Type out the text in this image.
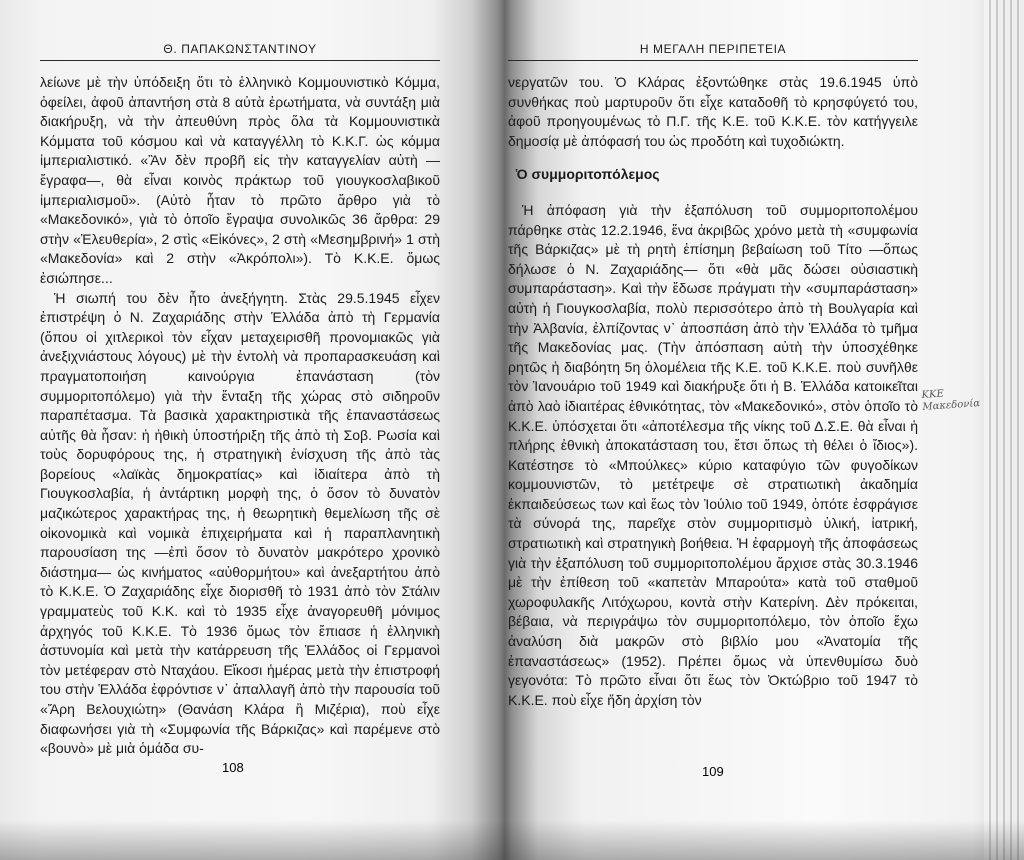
Θ. ΠΑΠΑΚΩΝΣΤΑΝΤΙΝΟΥ

λείωνε μὲ τὴν ὑπόδειξη ὅτι τὸ ἑλληνικὸ Κομμουνιστικὸ Κόμμα, ὀφείλει, ἀφοῦ ἀπαντήση στὰ 8 αὐτὰ ἐρωτήματα, νὰ συντάξη μιὰ διακήρυξη, νὰ τὴν ἀπευθύνη πρὸς ὅλα τὰ Κομμουνιστικὰ Κόμματα τοῦ κόσμου καὶ νὰ καταγγέλλη τὸ Κ.Κ.Γ. ὡς κόμμα ἰμπεριαλιστικό. «Ἂν δὲν προβῆ εἰς τὴν καταγγελίαν αὐτὴ —ἔγραφα—, θὰ εἶναι κοινὸς πράκτωρ τοῦ γιουγκοσλαβικοῦ ἰμπεριαλισμοῦ». (Αὐτὸ ἦταν τὸ πρῶτο ἄρθρο γιὰ τὸ «Μακεδονικό», γιὰ τὸ ὁποῖο ἔγραψα συνολικῶς 36 ἄρθρα: 29 στὴν «Ἐλευθερία», 2 στὶς «Εἰκόνες», 2 στὴ «Μεσημβρινή» 1 στὴ «Μακεδονία» καὶ 2 στὴν «Ἀκρόπολι»). Τὸ Κ.Κ.Ε. ὅμως ἐσιώπησε...

Ἡ σιωπή του δὲν ἦτο ἀνεξήγητη. Στὰς 29.5.1945 εἶχεν ἐπιστρέψη ὁ Ν. Ζαχαριάδης στὴν Ἑλλάδα ἀπὸ τὴ Γερμανία (ὅπου οἱ χιτλερικοὶ τὸν εἶχαν μεταχειρισθῆ προνομιακῶς γιὰ ἀνεξιχνιάστους λόγους) μὲ τὴν ἐντολὴ νὰ προπαρασκευάση καὶ πραγματοποιήση καινούργια ἐπανάσταση (τὸν συμμοριτοπόλεμο) γιὰ τὴν ἔνταξη τῆς χώρας στὸ σιδηροῦν παραπέτασμα. Τὰ βασικὰ χαρακτηριστικὰ τῆς ἐπαναστάσεως αὐτῆς θὰ ἦσαν: ἡ ἠθικὴ ὑποστήριξη τῆς ἀπὸ τὴ Σοβ. Ρωσία καὶ τοὺς δορυφόρους της, ἡ στρατηγικὴ ἐνίσχυση τῆς ἀπὸ τὰς βορείους «λαϊκὰς δημοκρατίας» καὶ ἰδιαίτερα ἀπὸ τὴ Γιουγκοσλαβία, ἡ ἀντάρτικη μορφὴ της, ὁ ὅσον τὸ δυνατὸν μαζικώτερος χαρακτήρας της, ἡ θεωρητικὴ θεμελίωση τῆς σὲ οἰκονομικὰ καὶ νομικὰ ἐπιχειρήματα καὶ ἡ παραπλανητικὴ παρουσίαση της —ἐπὶ ὅσον τὸ δυνατὸν μακρότερο χρονικὸ διάστημα— ὡς κινήματος «αὐθορμήτου» καὶ ἀνεξαρτήτου ἀπὸ τὸ Κ.Κ.Ε. Ὁ Ζαχαριάδης εἶχε διορισθῆ τὸ 1931 ἀπὸ τὸν Στάλιν γραμματεὺς τοῦ Κ.Κ. καὶ τὸ 1935 εἶχε ἀναγορευθῆ μόνιμος ἀρχηγός τοῦ Κ.Κ.Ε. Τὸ 1936 ὅμως τὸν ἔπιασε ἡ ἑλληνικὴ ἀστυνομία καὶ μετὰ τὴν κατάρρευση τῆς Ἑλλάδος οἱ Γερμανοὶ τὸν μετέφεραν στὸ Νταχάου. Εἴκοσι ἡμέρας μετὰ τὴν ἐπιστροφή του στὴν Ἑλλάδα ἐφρόντισε ν᾽ ἀπαλλαγῆ ἀπὸ τὴν παρουσία τοῦ «Ἄρη Βελουχιώτη» (Θανάση Κλάρα ἢ Μιζέρια), ποὺ εἶχε διαφωνήσει γιὰ τὴ «Συμφωνία τῆς Βάρκιζας» καὶ παρέμενε στὸ «βουνὸ» μὲ μιὰ ὁμάδα συ-

108
Η ΜΕΓΑΛΗ ΠΕΡΙΠΕΤΕΙΑ

νεργατῶν του. Ὁ Κλάρας ἐξοντώθηκε στὰς 19.6.1945 ὑπὸ συνθήκας ποὺ μαρτυροῦν ὅτι εἶχε καταδοθῆ τὸ κρησφύγετό του, ἀφοῦ προηγουμένως τὸ Π.Γ. τῆς Κ.Ε. τοῦ Κ.Κ.Ε. τὸν κατήγγειλε δημοσίᾳ μὲ ἀπόφασή του ὡς προδότη καὶ τυχοδιώκτη.

Ὁ συμμοριτοπόλεμος

Ἡ ἀπόφαση γιὰ τὴν ἐξαπόλυση τοῦ συμμοριτοπολέμου πάρθηκε στὰς 12.2.1946, ἕνα ἀκριβῶς χρόνο μετὰ τὴ «συμφωνία τῆς Βάρκιζας» μὲ τὴ ρητὴ ἐπίσημη βεβαίωση τοῦ Τίτο —ὅπως δήλωσε ὁ Ν. Ζαχαριάδης— ὅτι «θὰ μᾶς δώσει οὐσιαστικὴ συμπαράσταση». Καὶ τὴν ἔδωσε πράγματι τὴν «συμπαράσταση» αὐτὴ ἡ Γιουγκοσλαβία, πολὺ περισσότερο ἀπὸ τὴ Βουλγαρία καὶ τὴν Ἀλβανία, ἐλπίζοντας ν᾽ ἀποσπάση ἀπὸ τὴν Ἑλλάδα τὸ τμῆμα τῆς Μακεδονίας μας. (Τὴν ἀπόσπαση αὐτὴ τὴν ὑποσχέθηκε ρητῶς ἡ διαβόητη 5η ὁλομέλεια τῆς Κ.Ε. τοῦ Κ.Κ.Ε. ποὺ συνῆλθε τὸν Ἰανουάριο τοῦ 1949 καὶ διακήρυξε ὅτι ἡ Β. Ἑλλάδα κατοικεῖται ἀπὸ λαὸ ἰδιαιτέρας ἐθνικότητας, τὸν «Μακεδονικό», στὸν ὁποῖο τὸ Κ.Κ.Ε. ὑπόσχεται ὅτι «ἀποτέλεσμα τῆς νίκης τοῦ Δ.Σ.Ε. θὰ εἶναι ἡ πλήρης ἐθνικὴ ἀποκατάσταση του, ἔτσι ὅπως τὴ θέλει ὁ ἴδιος»). Κατέστησε τὸ «Μπούλκες» κύριο καταφύγιο τῶν φυγοδίκων κομμουνιστῶν, τὸ μετέτρεψε σὲ στρατιωτικὴ ἀκαδημία ἐκπαιδεύσεως των καὶ ἕως τὸν Ἰούλιο τοῦ 1949, ὁπότε ἐσφράγισε τὰ σύνορά της, παρεῖχε στὸν συμμοριτισμὸ ὑλική, ἰατρική, στρατιωτικὴ καὶ στρατηγικὴ βοήθεια. Ἡ ἐφαρμογὴ τῆς ἀποφάσεως γιὰ τὴν ἐξαπόλυση τοῦ συμμοριτοπολέμου ἄρχισε στὰς 30.3.1946 μὲ τὴν ἐπίθεση τοῦ «καπετὰν Μπαρούτα» κατὰ τοῦ σταθμοῦ χωροφυλακῆς Λιτόχωρου, κοντὰ στὴν Κατερίνη. Δὲν πρόκειται, βέβαια, νὰ περιγράψω τὸν συμμοριτοπόλεμο, τὸν ὁποῖο ἔχω ἀναλύση διὰ μακρῶν στὸ βιβλίο μου «Ἀνατομία τῆς ἐπαναστάσεως» (1952). Πρέπει ὅμως νὰ ὑπενθυμίσω δυὸ γεγονότα: Τὸ πρῶτο εἶναι ὅτι ἕως τὸν Ὀκτώβριο τοῦ 1947 τὸ Κ.Κ.Ε. ποὺ εἶχε ἤδη ἀρχίση τὸν

ΚΚΕ
Μακεδονία
109
